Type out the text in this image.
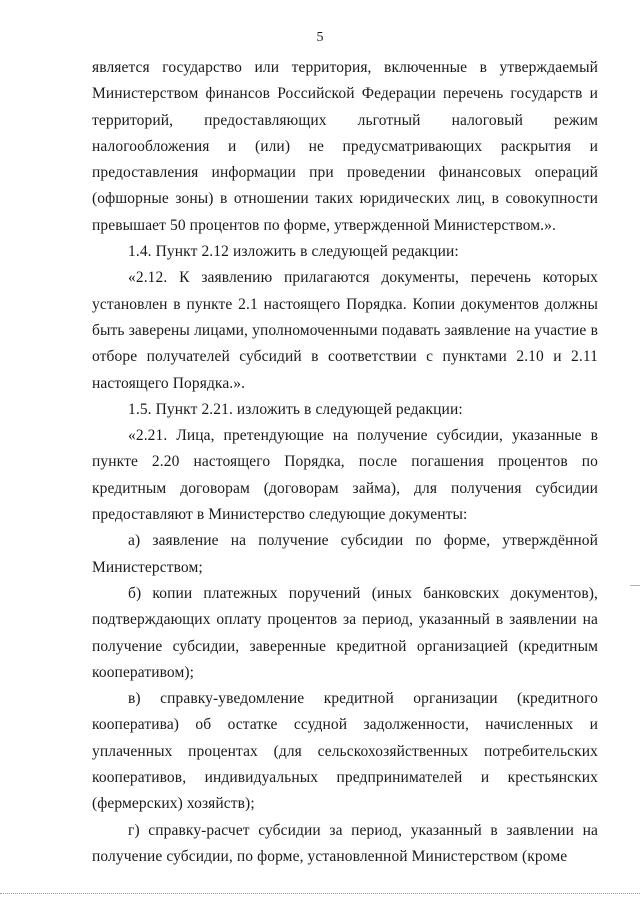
5

является государство или территория, включенные в утверждаемый Министерством финансов Российской Федерации перечень государств и территорий, предоставляющих льготный налоговый режим налогообложения и (или) не предусматривающих раскрытия и предоставления информации при проведении финансовых операций (офшорные зоны) в отношении таких юридических лиц, в совокупности превышает 50 процентов по форме, утвержденной Министерством.».

1.4. Пункт 2.12 изложить в следующей редакции:

«2.12. К заявлению прилагаются документы, перечень которых установлен в пункте 2.1 настоящего Порядка. Копии документов должны быть заверены лицами, уполномоченными подавать заявление на участие в отборе получателей субсидий в соответствии с пунктами 2.10 и 2.11 настоящего Порядка.».

1.5. Пункт 2.21. изложить в следующей редакции:

«2.21. Лица, претендующие на получение субсидии, указанные в пункте 2.20 настоящего Порядка, после погашения процентов по кредитным договорам (договорам займа), для получения субсидии предоставляют в Министерство следующие документы:

а) заявление на получение субсидии по форме, утверждённой Министерством;

б) копии платежных поручений (иных банковских документов), подтверждающих оплату процентов за период, указанный в заявлении на получение субсидии, заверенные кредитной организацией (кредитным кооперативом);

в) справку-уведомление кредитной организации (кредитного кооператива) об остатке ссудной задолженности, начисленных и уплаченных процентах (для сельскохозяйственных потребительских кооперативов, индивидуальных предпринимателей и крестьянских (фермерских) хозяйств);

г) справку-расчет субсидии за период, указанный в заявлении на получение субсидии, по форме, установленной Министерством (кроме
